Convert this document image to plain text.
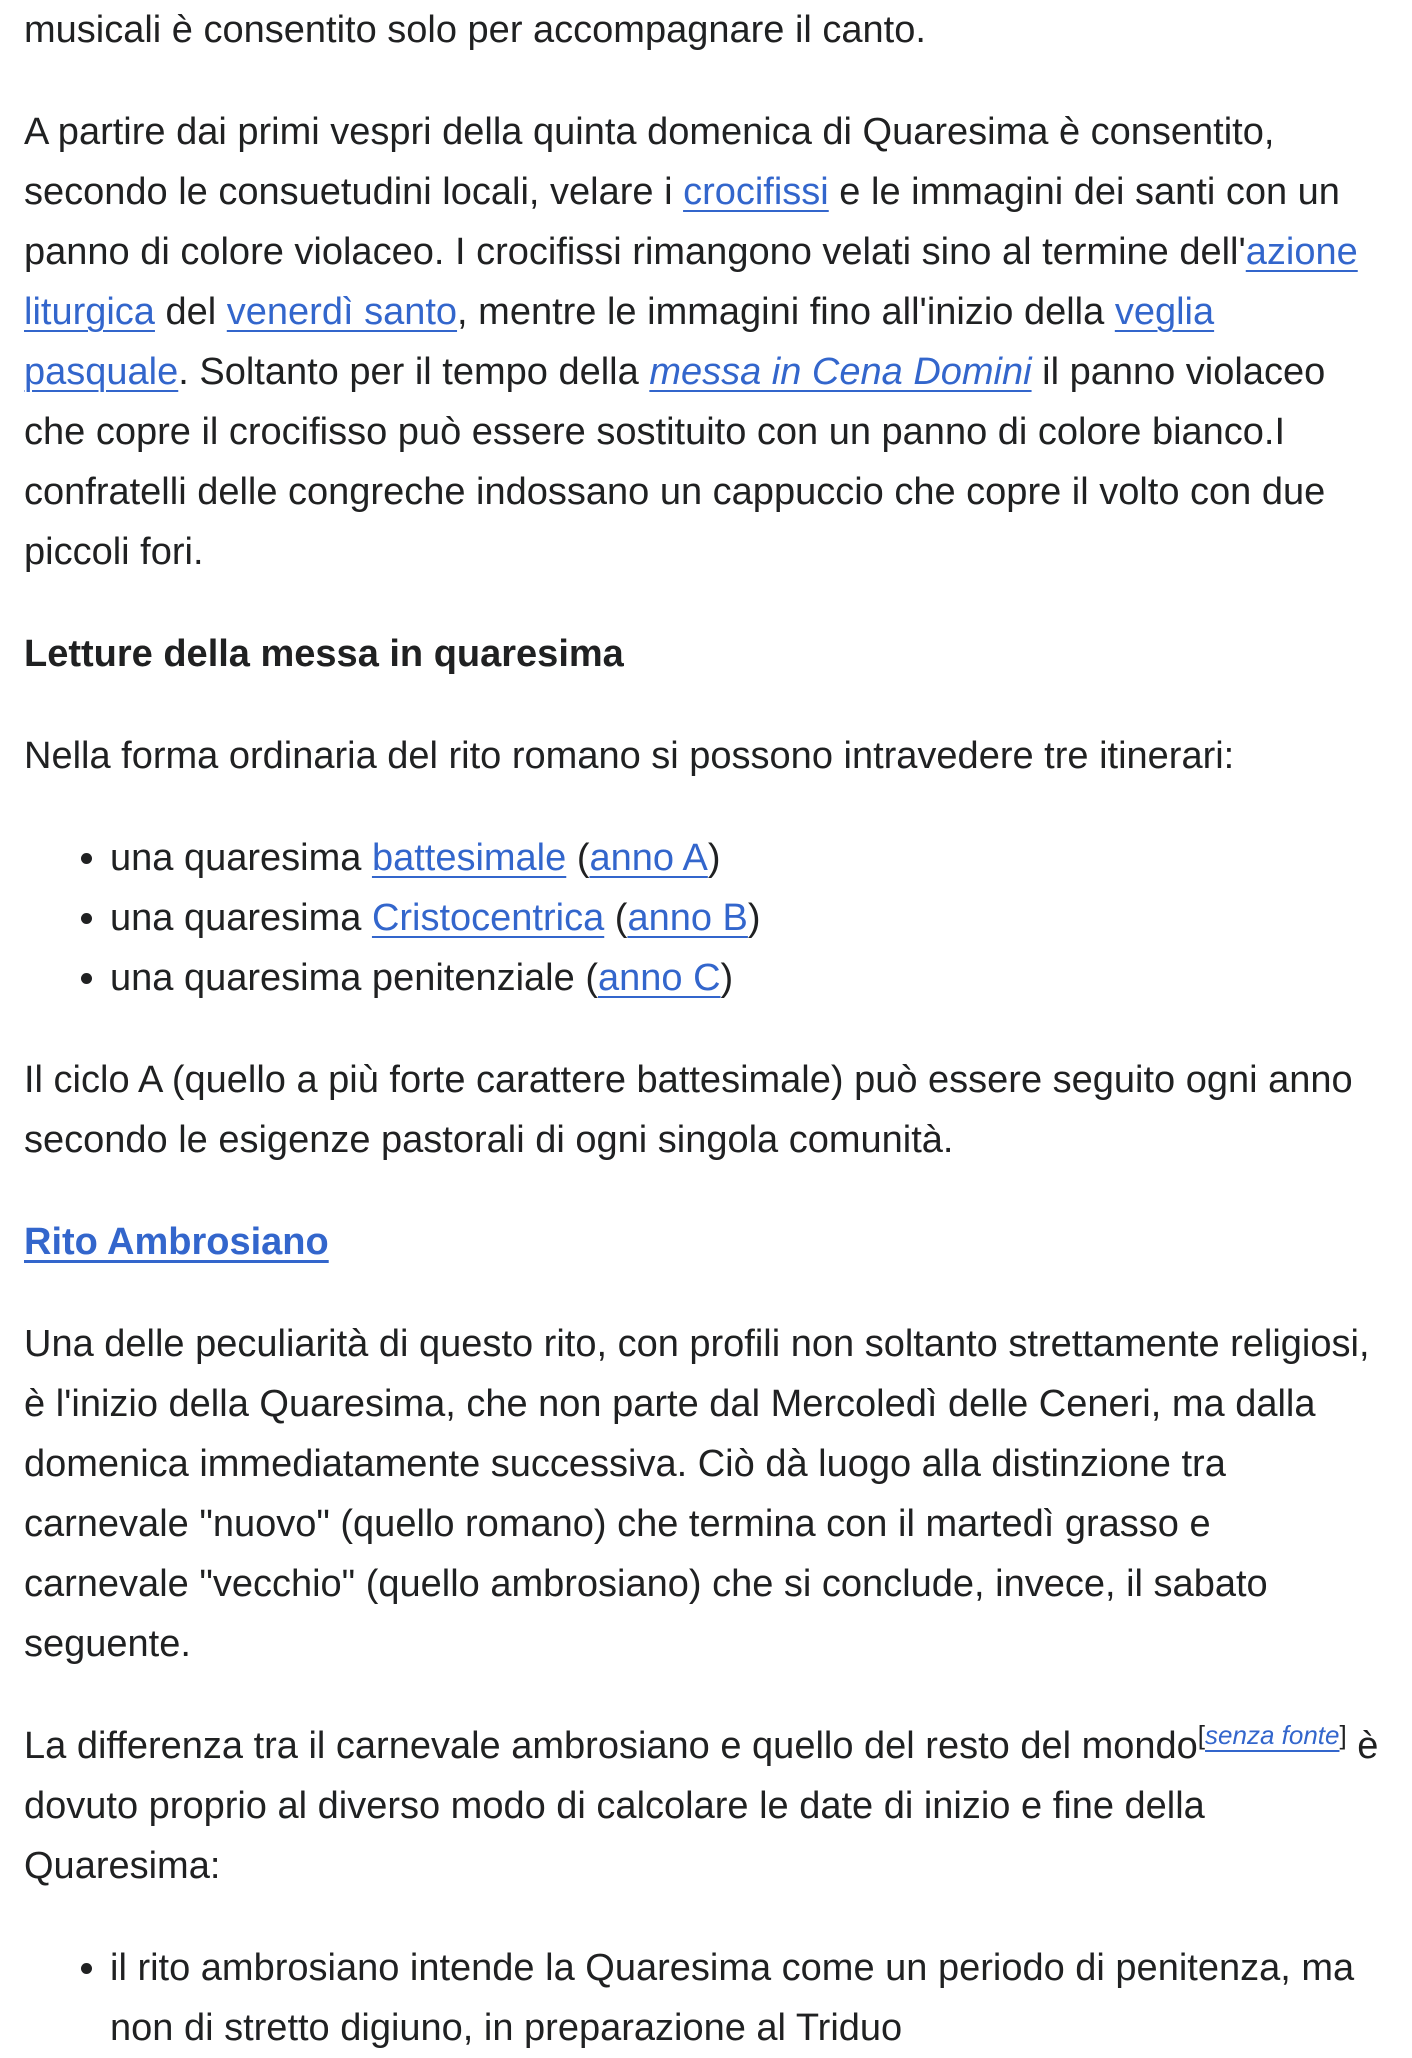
musicali è consentito solo per accompagnare il canto.

A partire dai primi vespri della quinta domenica di Quaresima è consentito, secondo le consuetudini locali, velare i crocifissi e le immagini dei santi con un panno di colore violaceo. I crocifissi rimangono velati sino al termine dell'azione liturgica del venerdì santo, mentre le immagini fino all'inizio della veglia pasquale. Soltanto per il tempo della messa in Cena Domini il panno violaceo che copre il crocifisso può essere sostituito con un panno di colore bianco.I confratelli delle congreche indossano un cappuccio che copre il volto con due piccoli fori.

Letture della messa in quaresima

Nella forma ordinaria del rito romano si possono intravedere tre itinerari:

• una quaresima battesimale (anno A)
• una quaresima Cristocentrica (anno B)
• una quaresima penitenziale (anno C)

Il ciclo A (quello a più forte carattere battesimale) può essere seguito ogni anno secondo le esigenze pastorali di ogni singola comunità.

Rito Ambrosiano

Una delle peculiarità di questo rito, con profili non soltanto strettamente religiosi, è l'inizio della Quaresima, che non parte dal Mercoledì delle Ceneri, ma dalla domenica immediatamente successiva. Ciò dà luogo alla distinzione tra carnevale "nuovo" (quello romano) che termina con il martedì grasso e carnevale "vecchio" (quello ambrosiano) che si conclude, invece, il sabato seguente.

La differenza tra il carnevale ambrosiano e quello del resto del mondo[senza fonte] è dovuto proprio al diverso modo di calcolare le date di inizio e fine della Quaresima:

• il rito ambrosiano intende la Quaresima come un periodo di penitenza, ma non di stretto digiuno, in preparazione al Triduo
